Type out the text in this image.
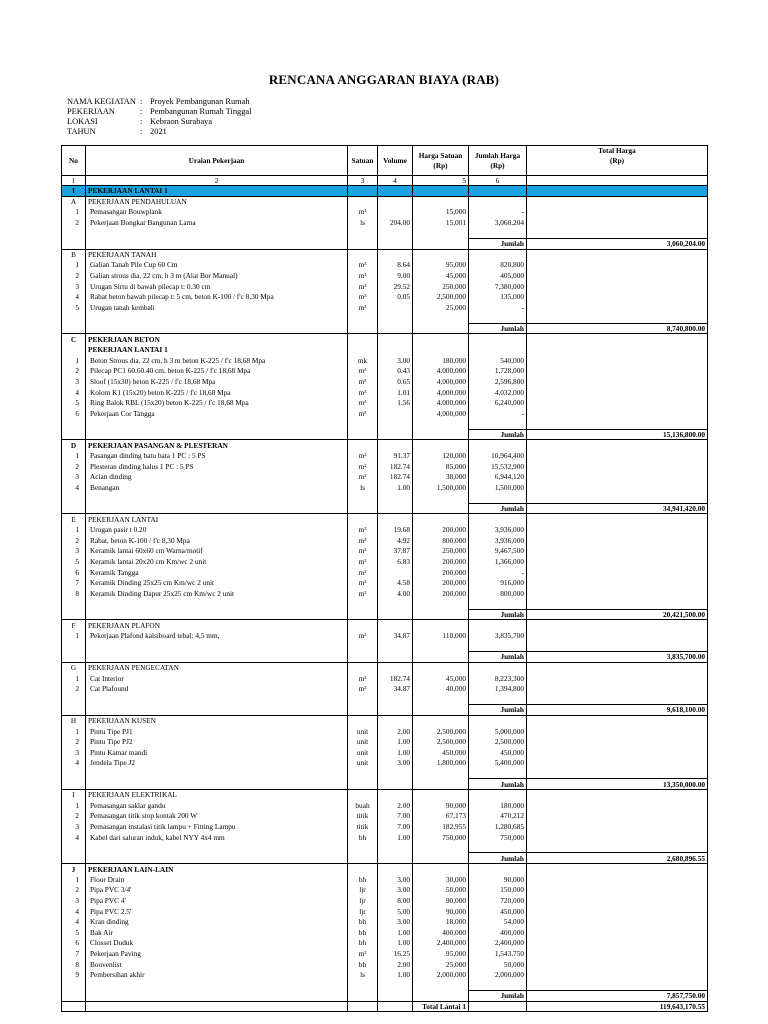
RENCANA ANGGARAN BIAYA (RAB)
NAMA KEGIATAN : Proyek Pembangunan Rumah
PEKERJAAN	: Pembangunan Rumah Tinggal
LOKASI	: Kebraon Surabaya
TAHUN	: 2021
No	Uraian Pekerjaan	Satuan	Volume	Harga Satuan (Rp)	Jumlah Harga (Rp)	Total Harga (Rp)
1	2	3	4	5	6	
I	PEKERJAAN LANTAI 1					
A	PEKERJAAN PENDAHULUAN					
1	Pemasangan Bouwplank	m¹		15,000	-	
2	Pekerjaan Bongkar Bangunan Lama	ls	204.00	15,001	3,060,204	

					Jumlah	3,060,204.00
B	PEKERJAAN TANAH					
1	Galian Tanah Pile Cup 60 Cm	m³	8.64	95,000	820,800	
2	Galian strous dia. 22 cm, h 3 m (Alat Bor Manual)	m¹	9.00	45,000	405,000	
3	Urugan Sirtu di bawah pilecap t: 0.30 cm	m³	29.52	250,000	7,380,000	
4	Rabat beton bawah pilecap t: 5 cm, beton K-100 / f'c 8,30 Mpa	m³	0.05	2,500,000	135,000	
5	Urugan tanah kembali	m³		25,000	-	

					Jumlah	8,740,800.00
C	PEKERJAAN BETON					
	PEKERJAAN LANTAI 1					
1	Beton Strous dia. 22 cm, h 3 m beton K-225 / f'c 18,68 Mpa	mk	3.00	180,000	540,000	
2	Pilecap PC1 60.60.40 cm, beton K-225 / f'c 18,68 Mpa	m³	0.43	4,000,000	1,728,000	
3	Sloof (15x30) beton K-225 / f'c 18,68 Mpa	m³	0.65	4,000,000	2,596,800	
4	Kolom K1 (15x20) beton K-225 / f'c 18,68 Mpa	m³	1.01	4,000,000	4,032,000	
5	Ring Balok RBL (15x20) beton K-225 / f'c 18,68 Mpa	m³	1.56	4,000,000	6,240,000	
6	Pekerjaan Cor Tangga	m³		4,000,000	-	

					Jumlah	15,136,800.00
D	PEKERJAAN PASANGAN & PLESTERAN					
1	Pasangan dinding batu bata 1 PC : 5 PS	m²	91.37	120,000	10,964,400	
2	Plesteran dinding halus 1 PC : 5 PS	m²	182.74	85,000	15,532,900	
3	Acian dinding	m²	182.74	38,000	6,944,120	
4	Benangan	ls	1.00	1,500,000	1,500,000	

					Jumlah	34,941,420.00
E	PEKERJAAN LANTAI					
1	Urugan pasir t 0.20	m³	19.68	200,000	3,936,000	
2	Rabat, beton K-100 / f'c 8,30 Mpa	m³	4.92	800,000	3,936,000	
3	Keramik lantai 60x60 cm Warna/motif	m²	37.87	250,000	9,467,500	
5	Keramik lantai 20x20 cm Km/wc 2 unit	m²	6.83	200,000	1,366,000	
6	Keramik Tangga	m²		200,000	-	
7	Keramik Dinding 25x25 cm Km/wc 2 unit	m²	4.58	200,000	916,000	
8	Keramik Dinding Dapur 25x25 cm Km/wc 2 unit	m²	4.00	200,000	800,000	

					Jumlah	20,421,500.00
F	PEKERJAAN PLAFON					
1	Pekerjaan Plafond kalsiboard tebal: 4,5 mm,	m²	34.87	110,000	3,835,700	

					Jumlah	3,835,700.00
G	PEKERJAAN PENGECATAN					
1	Cat Interior	m²	182.74	45,000	8,223,300	
2	Cat Plafound	m²	34.87	40,000	1,394,800	

					Jumlah	9,618,100.00
H	PEKERJAAN KUSEN					
1	Pintu Tipe PJ1	unit	2.00	2,500,000	5,000,000	
2	Pintu Tipe PJ2	unit	1.00	2,500,000	2,500,000	
3	Pintu Kamar mandi	unit	1.00	450,000	450,000	
4	Jendela Tipe J2	unit	3.00	1,800,000	5,400,000	

					Jumlah	13,350,000.00
I	PEKERJAAN ELEKTRIKAL					
1	Pemasangan saklar gandu	buah	2.00	90,000	180,000	
2	Pemasangan titik stop kontak 200 W	titik	7.00	67,173	470,212	
3	Pemasangan instalasi titik lampu + Fitting Lampu	titik	7.00	182,955	1,280,685	
4	Kabel dari saluran induk, kabel NYY 4x4 mm	bh	1.00	750,000	750,000	

					Jumlah	2,680,896.55
J	PEKERJAAN LAIN-LAIN					
1	Floor Drain	bh	3.00	30,000	90,000	
2	Pipa PVC 3/4'	ljr	3.00	50,000	150,000	
3	Pipa PVC 4'	ljr	8.00	90,000	720,000	
4	Pipa PVC 2.5'	ljr	5.00	90,000	450,000	
4	Kran dinding	bh	3.00	18,000	54,000	
5	Bak Air	bh	1.00	400,000	400,000	
6	Closset Duduk	bh	1.00	2,400,000	2,400,000	
7	Pekerjaan Paving	m²	16.25	95,000	1,543,750	
8	Bouvenlist	bh	2.00	25,000	50,000	
9	Pembersihan akhir	ls	1.00	2,000,000	2,000,000	

					Jumlah	7,857,750.00
				Total Lantai 1		119,643,170.55
